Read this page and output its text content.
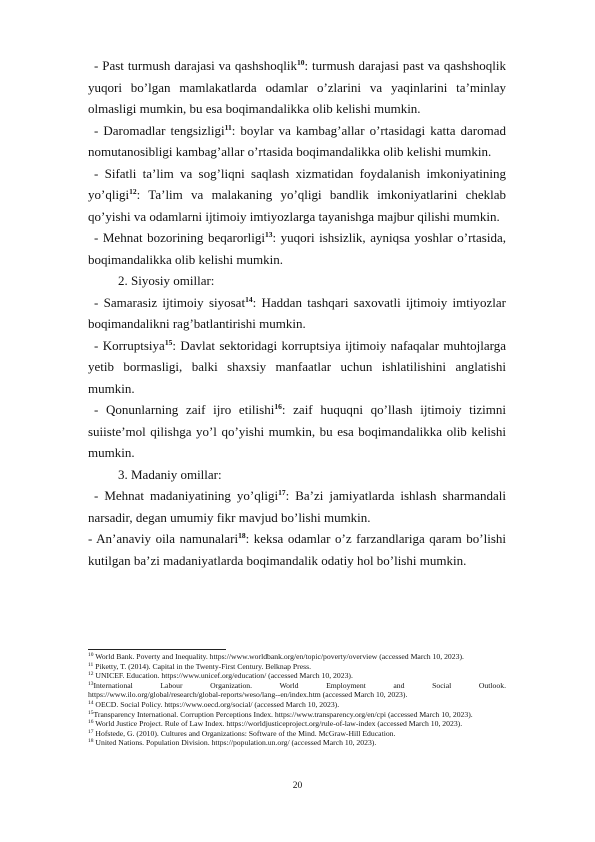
- Past turmush darajasi va qashshoqlik$^{10}$: turmush darajasi past va qashshoqlik yuqori bo’lgan mamlakatlarda odamlar o’zlarini va yaqinlarini ta’minlay olmasligi mumkin, bu esa boqimandalikka olib kelishi mumkin.

- Daromadlar tengsizligi$^{11}$: boylar va kambag’allar o’rtasidagi katta daromad nomutanosibligi kambag’allar o’rtasida boqimandalikka olib kelishi mumkin.

- Sifatli ta’lim va sog’liqni saqlash xizmatidan foydalanish imkoniyatining yo’qligi$^{12}$: Ta’lim va malakaning yo’qligi bandlik imkoniyatlarini cheklab qo’yishi va odamlarni ijtimoiy imtiyozlarga tayanishga majbur qilishi mumkin.

- Mehnat bozorining beqarorligi$^{13}$: yuqori ishsizlik, ayniqsa yoshlar o’rtasida, boqimandalikka olib kelishi mumkin.

2. Siyosiy omillar:

- Samarasiz ijtimoiy siyosat$^{14}$: Haddan tashqari saxovatli ijtimoiy imtiyozlar boqimandalikni rag’batlantirishi mumkin.

- Korruptsiya$^{15}$: Davlat sektoridagi korruptsiya ijtimoiy nafaqalar muhtojlarga yetib bormasligi, balki shaxsiy manfaatlar uchun ishlatilishini anglatishi mumkin.

- Qonunlarning zaif ijro etilishi$^{16}$: zaif huquqni qo’llash ijtimoiy tizimni suiiste’mol qilishga yo’l qo’yishi mumkin, bu esa boqimandalikka olib kelishi mumkin.

3. Madaniy omillar:

- Mehnat madaniyatining yo’qligi$^{17}$: Ba’zi jamiyatlarda ishlash sharmandali narsadir, degan umumiy fikr mavjud bo’lishi mumkin.

- An’anaviy oila namunalari$^{18}$: keksa odamlar o’z farzandlariga qaram bo’lishi kutilgan ba’zi madaniyatlarda boqimandalik odatiy hol bo’lishi mumkin.

$^{10}$ World Bank. Poverty and Inequality. https://www.worldbank.org/en/topic/poverty/overview (accessed March 10, 2023).

$^{11}$ Piketty, T. (2014). Capital in the Twenty-First Century. Belknap Press.

$^{12}$ UNICEF. Education. https://www.unicef.org/education/ (accessed March 10, 2023).

$^{13}$International Labour Organization. World Employment and Social Outlook.

https://www.ilo.org/global/research/global-reports/weso/lang--en/index.htm (accessed March 10, 2023).

$^{14}$ OECD. Social Policy. https://www.oecd.org/social/ (accessed March 10, 2023).

$^{15}$Transparency International. Corruption Perceptions Index. https://www.transparency.org/en/cpi (accessed March 10, 2023).

$^{16}$ World Justice Project. Rule of Law Index. https://worldjusticeproject.org/rule-of-law-index (accessed March 10, 2023).

$^{17}$ Hofstede, G. (2010). Cultures and Organizations: Software of the Mind. McGraw-Hill Education.

$^{18}$ United Nations. Population Division. https://population.un.org/ (accessed March 10, 2023).

20
